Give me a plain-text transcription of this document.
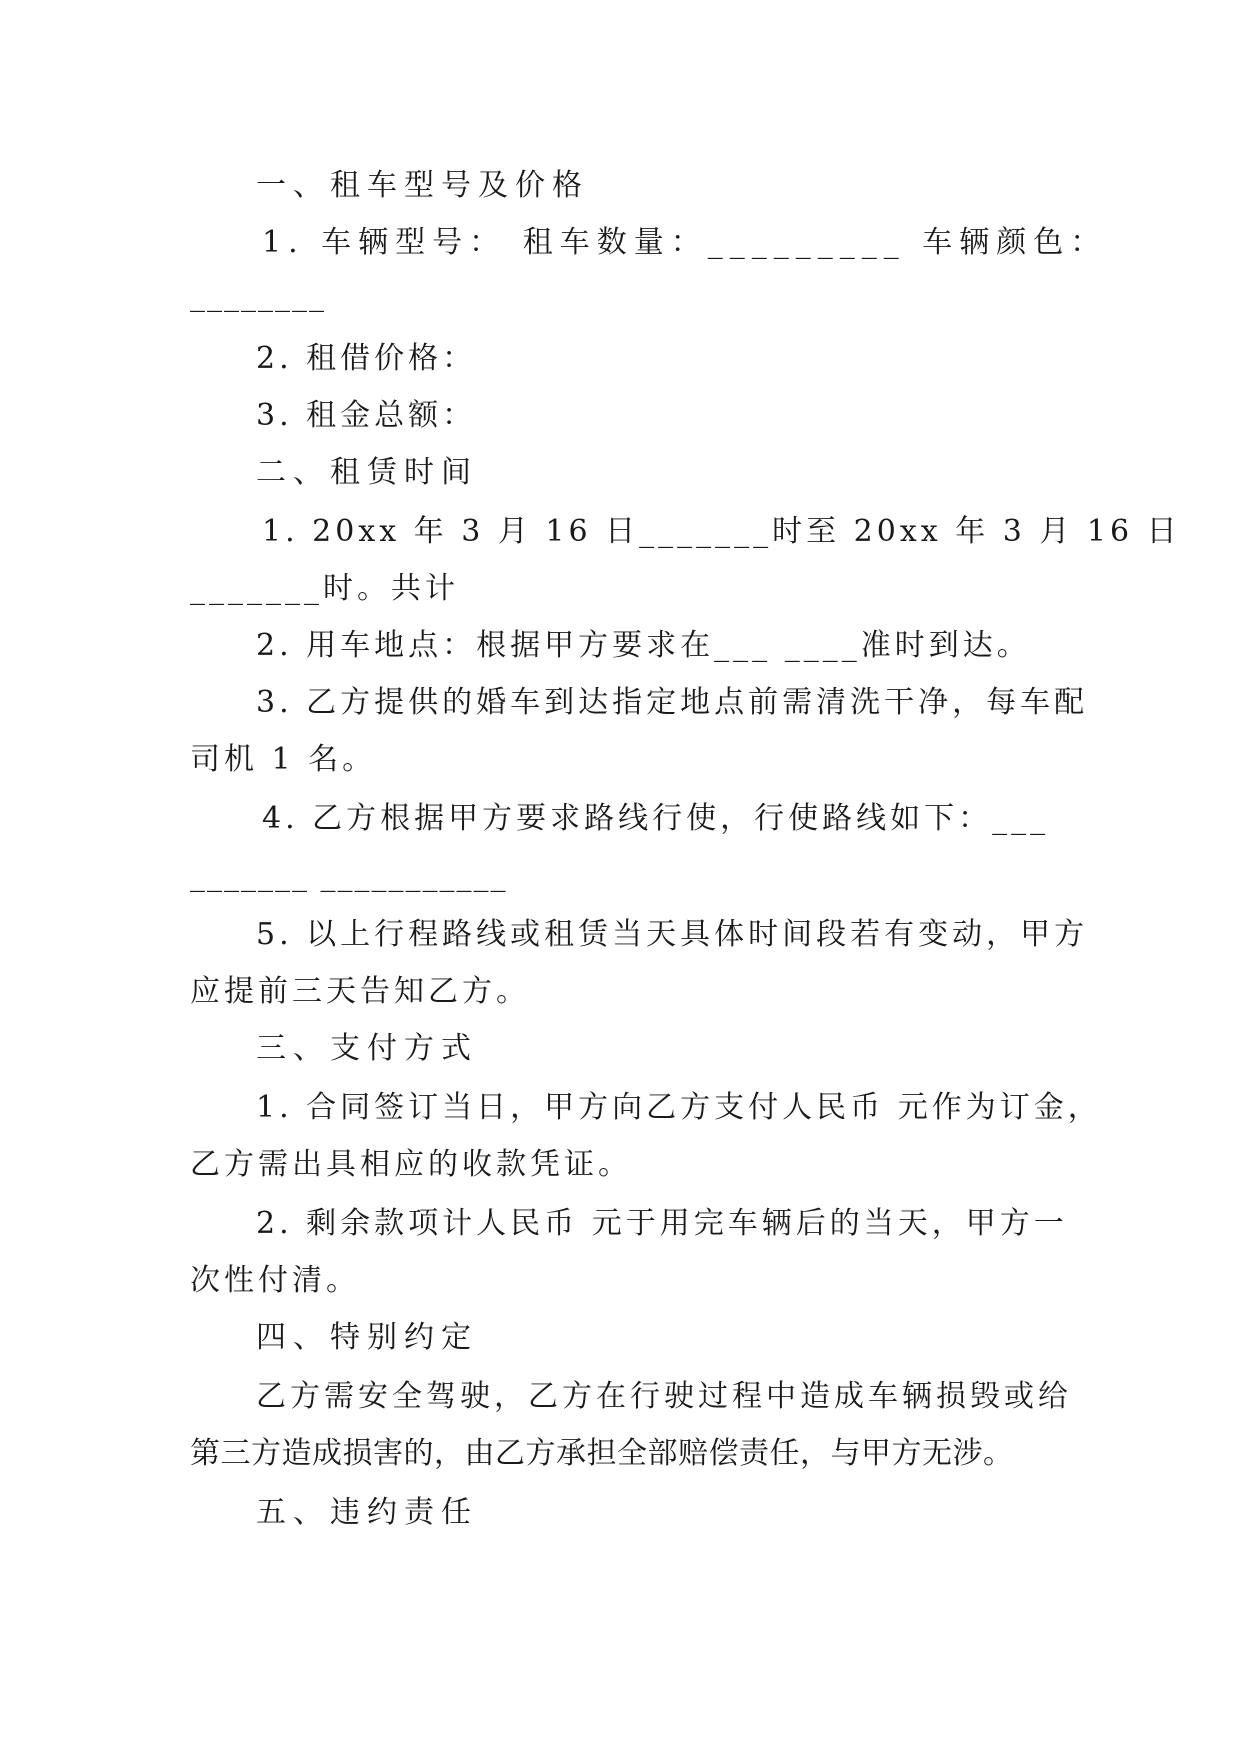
一、租车型号及价格
1. 车辆型号： 租车数量：_________ 车辆颜色：
________
2. 租借价格：
3. 租金总额：
二、租赁时间
1. 20xx 年 3 月 16 日_______时至 20xx 年 3 月 16 日
_______时。共计
2. 用车地点：根据甲方要求在___ ____准时到达。
3. 乙方提供的婚车到达指定地点前需清洗干净，每车配
司机 1 名。
4. 乙方根据甲方要求路线行使，行使路线如下：___
_______ ___________
5. 以上行程路线或租赁当天具体时间段若有变动，甲方
应提前三天告知乙方。
三、支付方式
1. 合同签订当日，甲方向乙方支付人民币 元作为订金，
乙方需出具相应的收款凭证。
2. 剩余款项计人民币 元于用完车辆后的当天，甲方一
次性付清。
四、特别约定
乙方需安全驾驶，乙方在行驶过程中造成车辆损毁或给
第三方造成损害的，由乙方承担全部赔偿责任，与甲方无涉。
五、违约责任
